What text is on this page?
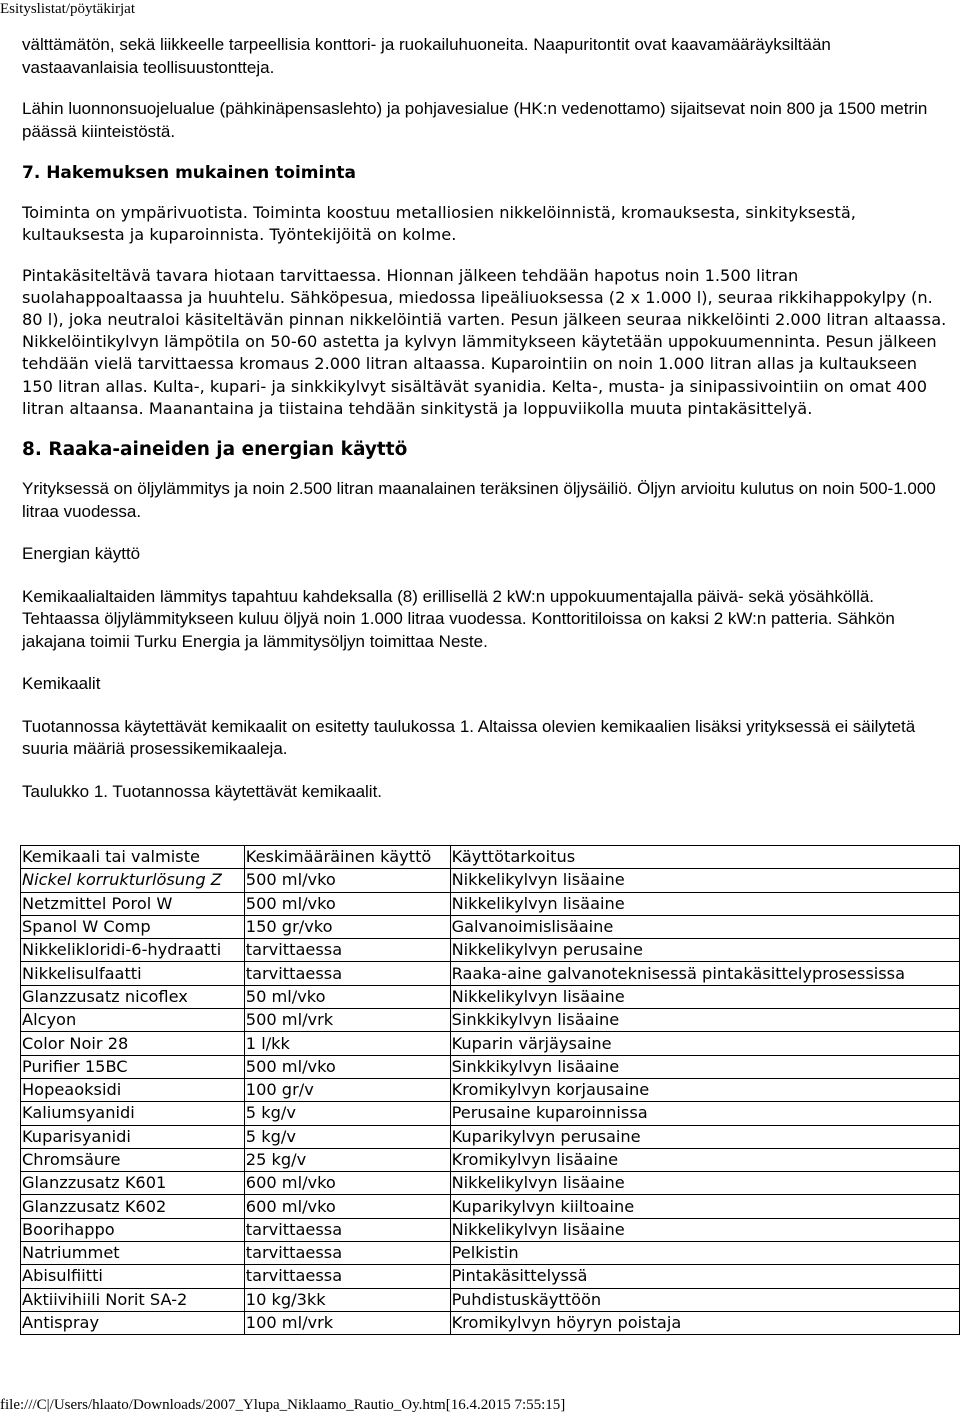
Esityslistat/pöytäkirjat

välttämätön, sekä liikkeelle tarpeellisia konttori- ja ruokailuhuoneita. Naapuritontit ovat kaavamääräyksiltään vastaavanlaisia teollisuustontteja.

Lähin luonnonsuojelualue (pähkinäpensaslehto) ja pohjavesialue (HK:n vedenottamo) sijaitsevat noin 800 ja 1500 metrin päässä kiinteistöstä.

7. Hakemuksen mukainen toiminta

Toiminta on ympärivuotista. Toiminta koostuu metalliosien nikkelöinnistä, kromauksesta, sinkityksestä, kultauksesta ja kuparoinnista. Työntekijöitä on kolme.

Pintakäsiteltävä tavara hiotaan tarvittaessa. Hionnan jälkeen tehdään hapotus noin 1.500 litran suolahappoaltaassa ja huuhtelu. Sähköpesua, miedossa lipeäliuoksessa (2 x 1.000 l), seuraa rikkihappokylpy (n. 80 l), joka neutraloi käsiteltävän pinnan nikkelöintiä varten. Pesun jälkeen seuraa nikkelöinti 2.000 litran altaassa. Nikkelöintikylvyn lämpötila on 50-60 astetta ja kylvyn lämmitykseen käytetään uppokuumenninta. Pesun jälkeen tehdään vielä tarvittaessa kromaus 2.000 litran altaassa. Kuparointiin on noin 1.000 litran allas ja kultaukseen 150 litran allas. Kulta-, kupari- ja sinkkikylvyt sisältävät syanidia. Kelta-, musta- ja sinipassivointiin on omat 400 litran altaansa. Maanantaina ja tiistaina tehdään sinkitystä ja loppuviikolla muuta pintakäsittelyä.

8. Raaka-aineiden ja energian käyttö

Yrityksessä on öljylämmitys ja noin 2.500 litran maanalainen teräksinen öljysäiliö. Öljyn arvioitu kulutus on noin 500-1.000 litraa vuodessa.

Energian käyttö

Kemikaalialtaiden lämmitys tapahtuu kahdeksalla (8) erillisellä 2 kW:n uppokuumentajalla päivä- sekä yösähköllä. Tehtaassa öljylämmitykseen kuluu öljyä noin 1.000 litraa vuodessa. Konttoritiloissa on kaksi 2 kW:n patteria. Sähkön jakajana toimii Turku Energia ja lämmitysöljyn toimittaa Neste.

Kemikaalit

Tuotannossa käytettävät kemikaalit on esitetty taulukossa 1. Altaissa olevien kemikaalien lisäksi yrityksessä ei säilytetä suuria määriä prosessikemikaaleja.

Taulukko 1. Tuotannossa käytettävät kemikaalit.

Kemikaali tai valmiste	Keskimääräinen käyttö	Käyttötarkoitus
Nickel korrukturlösung Z	500 ml/vko	Nikkelikylvyn lisäaine
Netzmittel Porol W	500 ml/vko	Nikkelikylvyn lisäaine
Spanol W Comp	150 gr/vko	Galvanoimislisäaine
Nikkelikloridi-6-hydraatti	tarvittaessa	Nikkelikylvyn perusaine
Nikkelisulfaatti	tarvittaessa	Raaka-aine galvanoteknisessä pintakäsittelyprosessissa
Glanzzusatz nicoflex	50 ml/vko	Nikkelikylvyn lisäaine
Alcyon	500 ml/vrk	Sinkkikylvyn lisäaine
Color Noir 28	1 l/kk	Kuparin värjäysaine
Purifier 15BC	500 ml/vko	Sinkkikylvyn lisäaine
Hopeaoksidi	100 gr/v	Kromikylvyn korjausaine
Kaliumsyanidi	5 kg/v	Perusaine kuparoinnissa
Kuparisyanidi	5 kg/v	Kuparikylvyn perusaine
Chromsäure	25 kg/v	Kromikylvyn lisäaine
Glanzzusatz K601	600 ml/vko	Nikkelikylvyn lisäaine
Glanzzusatz K602	600 ml/vko	Kuparikylvyn kiiltoaine
Boorihappo	tarvittaessa	Nikkelikylvyn lisäaine
Natriummet	tarvittaessa	Pelkistin
Abisulfiitti	tarvittaessa	Pintakäsittelyssä
Aktiivihiili Norit SA-2	10 kg/3kk	Puhdistuskäyttöön
Antispray	100 ml/vrk	Kromikylvyn höyryn poistaja
file:///C|/Users/hlaato/Downloads/2007_Ylupa_Niklaamo_Rautio_Oy.htm[16.4.2015 7:55:15]
